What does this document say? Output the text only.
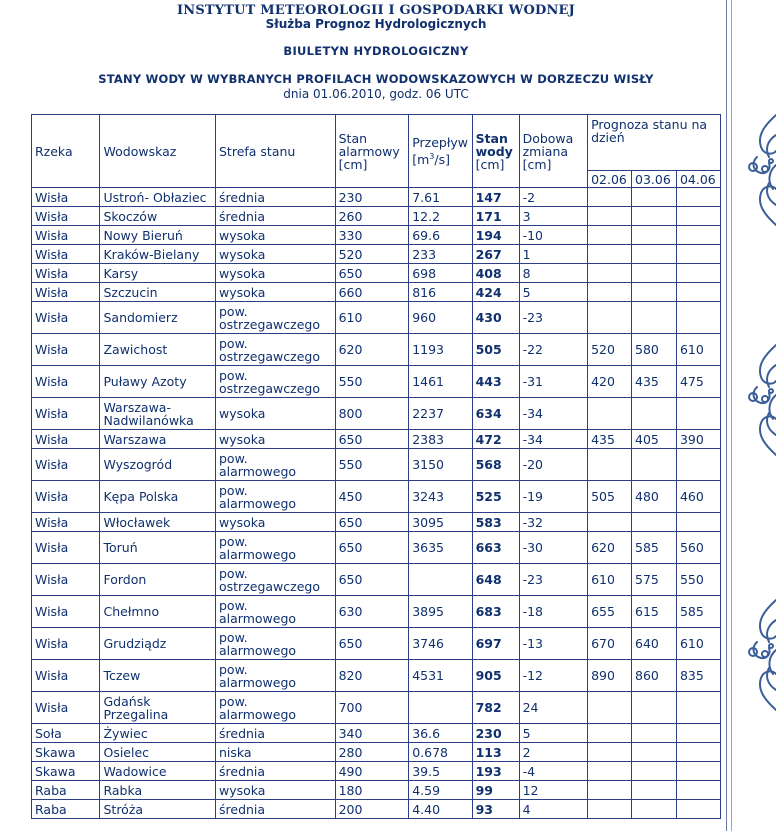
INSTYTUT METEOROLOGII I GOSPODARKI WODNEJ
Służba Prognoz Hydrologicznych
BIULETYN HYDROLOGICZNY
STANY WODY W WYBRANYCH PROFILACH WODOWSKAZOWYCH W DORZECZU WISŁY
dnia 01.06.2010, godz. 06 UTC
Rzeka	Wodowskaz	Strefa stanu	Stan
alarmowy
[cm]	Przepływ
$[m^3/s]$	Stan
wody
[cm]	Dobowa
zmiana
[cm]	Prognoza stanu na dzień		
							02.06	03.06	04.06
Wisła	Ustroń- Obłaziec	średnia	230	7.61	147	-2			
Wisła	Skoczów	średnia	260	12.2	171	3			
Wisła	Nowy Bieruń	wysoka	330	69.6	194	-10			
Wisła	Kraków-Bielany	wysoka	520	233	267	1			
Wisła	Karsy	wysoka	650	698	408	8			
Wisła	Szczucin	wysoka	660	816	424	5			
Wisła	Sandomierz	pow.
ostrzegawczego	610	960	430	-23			
Wisła	Zawichost	pow.
ostrzegawczego	620	1193	505	-22	520	580	610
Wisła	Puławy Azoty	pow.
ostrzegawczego	550	1461	443	-31	420	435	475
Wisła	Warszawa-
Nadwilanówka	wysoka	800	2237	634	-34			
Wisła	Warszawa	wysoka	650	2383	472	-34	435	405	390
Wisła	Wyszogród	pow.
alarmowego	550	3150	568	-20			
Wisła	Kępa Polska	pow.
alarmowego	450	3243	525	-19	505	480	460
Wisła	Włocławek	wysoka	650	3095	583	-32			
Wisła	Toruń	pow.
alarmowego	650	3635	663	-30	620	585	560
Wisła	Fordon	pow.
ostrzegawczego	650		648	-23	610	575	550
Wisła	Chełmno	pow.
alarmowego	630	3895	683	-18	655	615	585
Wisła	Grudziądz	pow.
alarmowego	650	3746	697	-13	670	640	610
Wisła	Tczew	pow.
alarmowego	820	4531	905	-12	890	860	835
Wisła	Gdańsk
Przegalina	pow.
alarmowego	700		782	24			
Soła	Żywiec	średnia	340	36.6	230	5			
Skawa	Osielec	niska	280	0.678	113	2			
Skawa	Wadowice	średnia	490	39.5	193	-4			
Raba	Rabka	wysoka	180	4.59	99	12			
Raba	Stróża	średnia	200	4.40	93	4			
